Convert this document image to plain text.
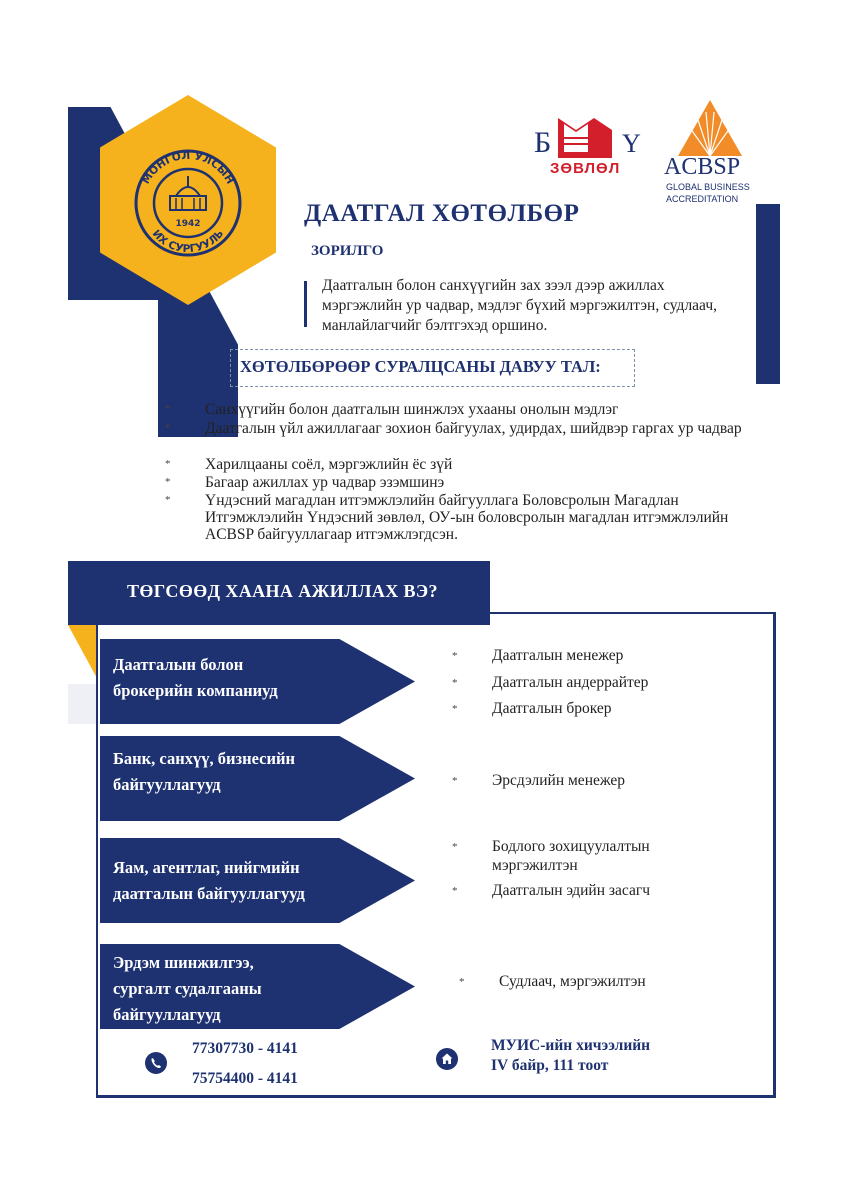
МОНГОЛ УЛСЫН
ИХ СУРГУУЛЬ
1942
Б	Y
ЗӨВЛӨЛ ACBSP
GLOBAL BUSINESS
ACCREDITATION
ДААТГАЛ ХӨТӨЛБӨР
ЗОРИЛГО
Даатгалын болон санхүүгийн зах зээл дээр ажиллах мэргэжлийн ур чадвар, мэдлэг бүхий мэргэжилтэн, судлаач, манлайлагчийг бэлтгэхэд оршино.
ХӨТӨЛБӨРӨӨР СУРАЛЦСАНЫ ДАВУУ ТАЛ:
* Санхүүгийн болон даатгалын шинжлэх ухааны онолын мэдлэг
* Даатгалын үйл ажиллагааг зохион байгуулах, удирдах, шийдвэр гаргах ур чадвар
* Харилцааны соёл, мэргэжлийн ёс зүй
* Багаар ажиллах ур чадвар эзэмшинэ
* Үндэсний магадлан итгэмжлэлийн байгууллага Боловсролын Магадлан Итгэмжлэлийн Үндэсний зөвлөл, ОУ-ын боловсролын магадлан итгэмжлэлийн ACBSP байгууллагаар итгэмжлэгдсэн.
ТӨГСӨӨД ХААНА АЖИЛЛАХ ВЭ?
Даатгалын болон
брокерийн компаниуд
* Даатгалын менежер
* Даатгалын андеррайтер
* Даатгалын брокер
Банк, санхүү, бизнесийн
байгууллагууд	* Эрсдэлийн менежер
Яам, агентлаг, нийгмийн
даатгалын байгууллагууд
* Бодлого зохицуулалтын мэргэжилтэн
* Даатгалын эдийн засагч
Эрдэм шинжилгээ,
сургалт судалгааны
байгууллагууд
* Судлаач, мэргэжилтэн
77307730 - 4141
75754400 - 4141
МУИС-ийн хичээлийн
IV байр, 111 тоот
